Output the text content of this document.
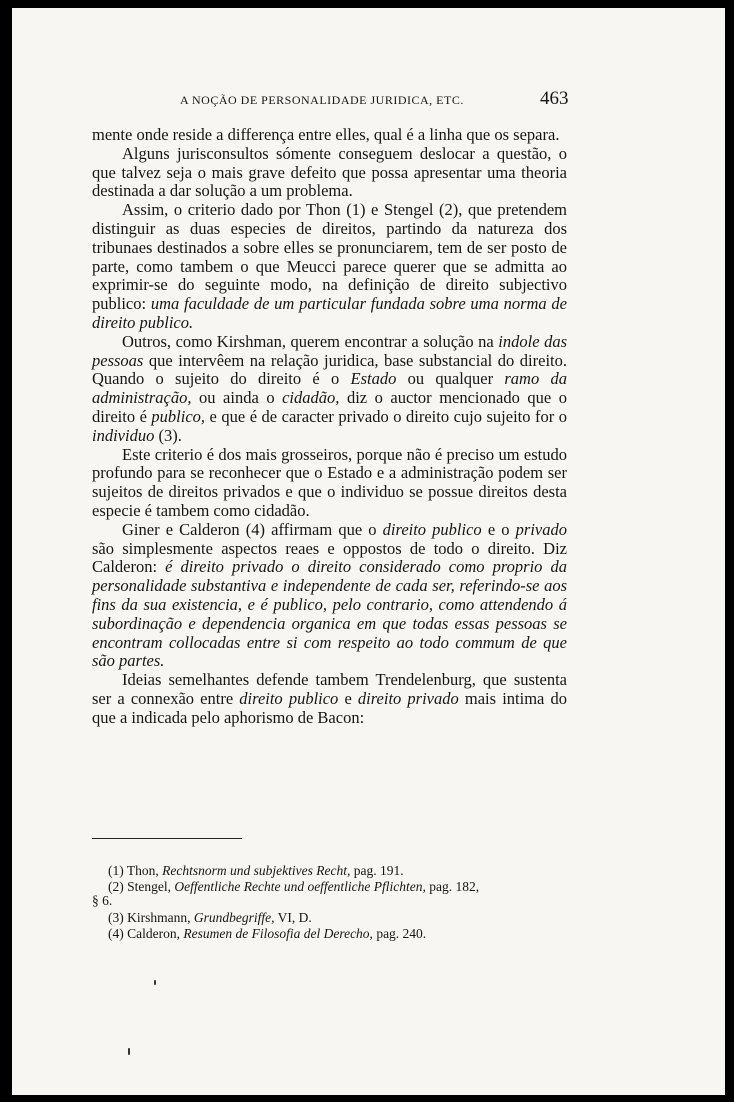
A NOÇÃO DE PERSONALIDADE JURIDICA, ETC.	463

mente onde reside a differença entre elles, qual é a linha que os separa.

Alguns jurisconsultos sómente conseguem deslocar a questão, o que talvez seja o mais grave defeito que possa apresentar uma theoria destinada a dar solução a um problema.

Assim, o criterio dado por Thon (1) e Stengel (2), que pretendem distinguir as duas especies de direitos, partindo da natureza dos tribunaes destinados a sobre elles se pronunciarem, tem de ser posto de parte, como tambem o que Meucci parece querer que se admitta ao exprimir-se do seguinte modo, na definição de direito subjectivo publico: uma faculdade de um particular fundada sobre uma norma de direito publico.

Outros, como Kirshman, querem encontrar a solução na indole das pessoas que intervêem na relação juridica, base substancial do direito. Quando o sujeito do direito é o Estado ou qualquer ramo da administração, ou ainda o cidadão, diz o auctor mencionado que o direito é publico, e que é de caracter privado o direito cujo sujeito for o individuo (3).

Este criterio é dos mais grosseiros, porque não é preciso um estudo profundo para se reconhecer que o Estado e a administração podem ser sujeitos de direitos privados e que o individuo se possue direitos desta especie é tambem como cidadão.

Giner e Calderon (4) affirmam que o direito publico e o privado são simplesmente aspectos reaes e oppostos de todo o direito. Diz Calderon: é direito privado o direito considerado como proprio da personalidade substantiva e independente de cada ser, referindo-se aos fins da sua existencia, e é publico, pelo contrario, como attendendo á subordinação e dependencia organica em que todas essas pessoas se encontram collocadas entre si com respeito ao todo commum de que são partes.

Ideias semelhantes defende tambem Trendelenburg, que sustenta ser a connexão entre direito publico e direito privado mais intima do que a indicada pelo aphorismo de Bacon:

(1) Thon, Rechtsnorm und subjektives Recht, pag. 191.

(2) Stengel, Oeffentliche Rechte und oeffentliche Pflichten, pag. 182,

§ 6.

(3) Kirshmann, Grundbegriffe, VI, D.

(4) Calderon, Resumen de Filosofia del Derecho, pag. 240.
